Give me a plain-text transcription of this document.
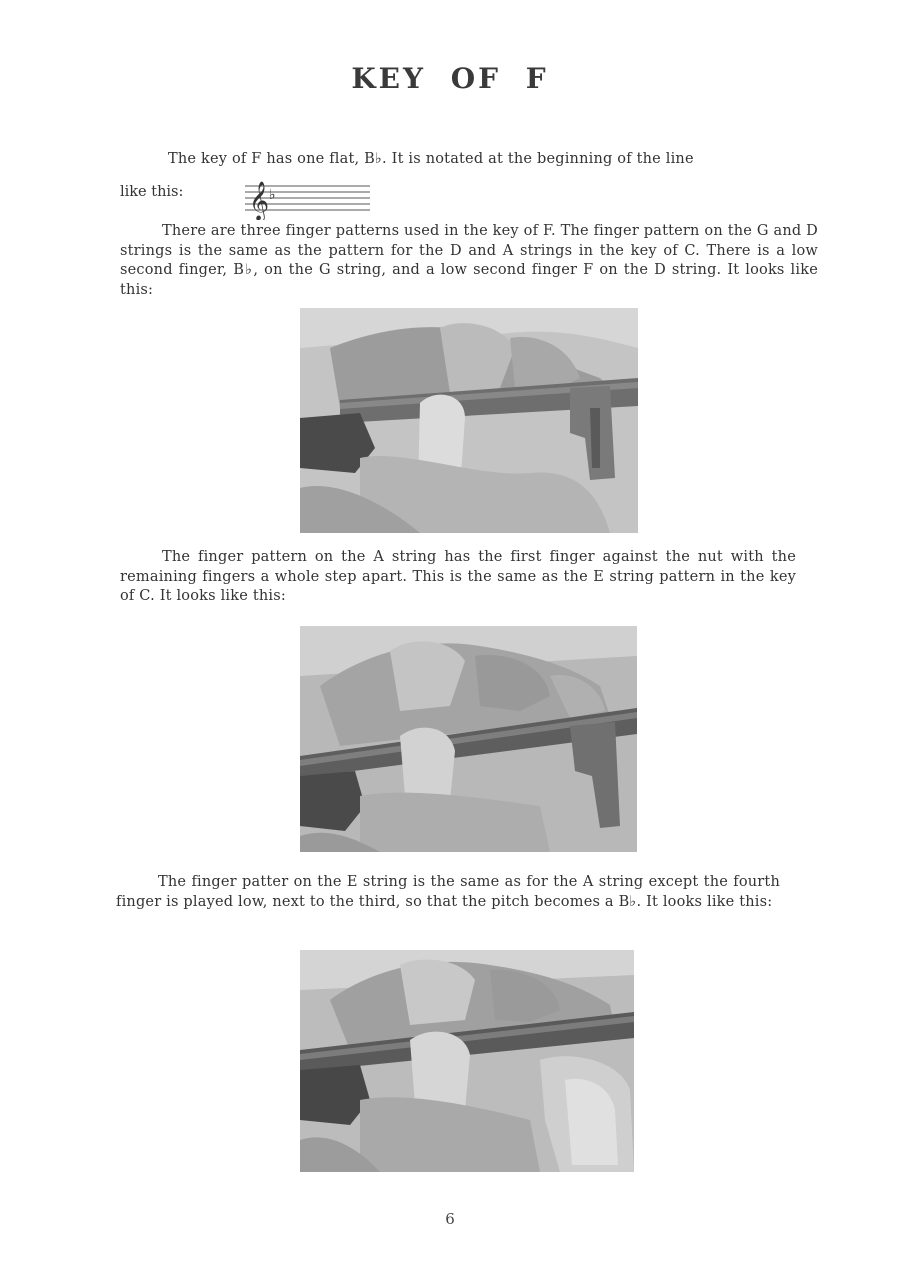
KEY OF F

The key of F has one flat, B♭. It is notated at the beginning of the line

like this: 𝄞 ♭

There are three finger patterns used in the key of F. The finger pattern on the G and D strings is the same as the pattern for the D and A strings in the key of C. There is a low second finger, B♭, on the G string, and a low second finger F on the D string. It looks like this:

The finger pattern on the A string has the first finger against the nut with the remaining fingers a whole step apart. This is the same as the E string pattern in the key of C. It looks like this:

The finger patter on the E string is the same as for the A string except the fourth finger is played low, next to the third, so that the pitch becomes a B♭. It looks like this:

6
